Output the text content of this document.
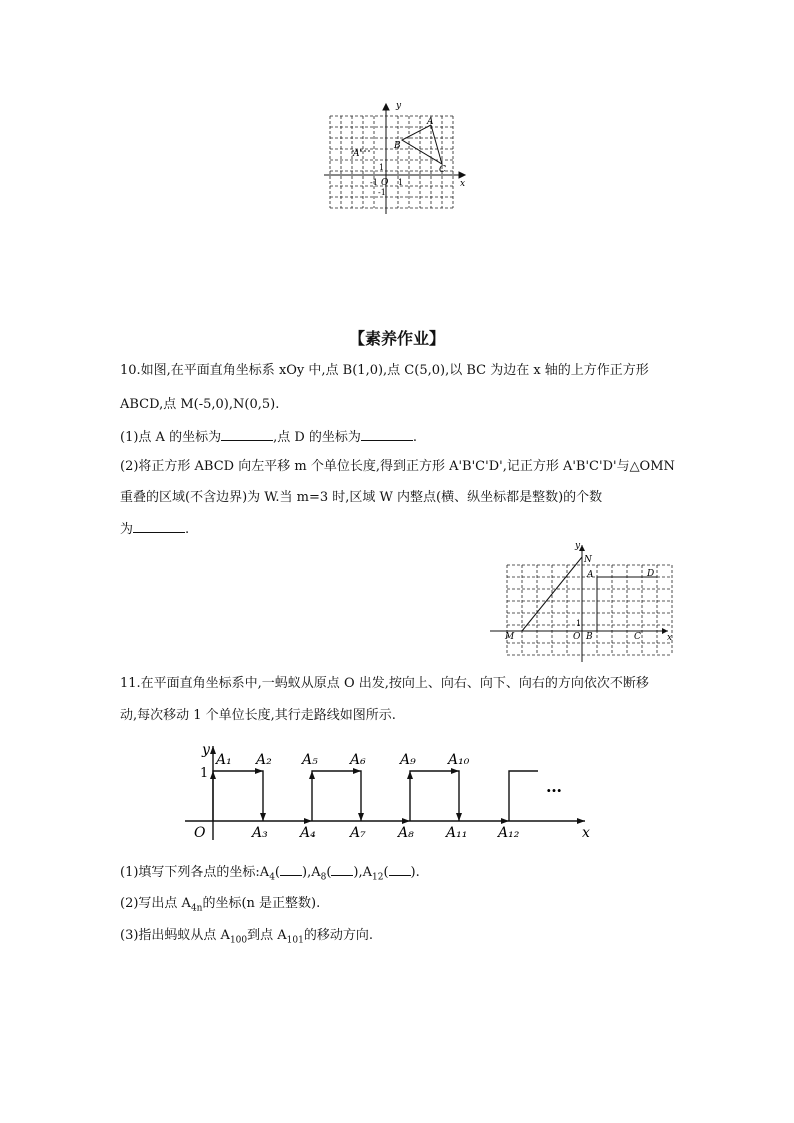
y
x
A
B
C
A'
O
1
1
-1
-1
【素养作业】
10.如图,在平面直角坐标系 xOy 中,点 B(1,0),点 C(5,0),以 BC 为边在 x 轴的上方作正方形
ABCD,点 M(-5,0),N(0,5).
(1)点 A 的坐标为	,点 D 的坐标为	.
(2)将正方形 ABCD 向左平移 m 个单位长度,得到正方形 A'B'C'D',记正方形 A'B'C'D'与△OMN
重叠的区域(不含边界)为 W.当 m=3 时,区域 W 内整点(横、纵坐标都是整数)的个数
为	.
y
x
N
A	D
M	O B	C
1
11.在平面直角坐标系中,一蚂蚁从原点 O 出发,按向上、向右、向下、向右的方向依次不断移
动,每次移动 1 个单位长度,其行走路线如图所示.
y
x
O
A₁ A₂
A₃ A₄
A₅ A₆
A₇ A₈
A₉ A₁₀
A₁₁ A₁₂
1
…
(1)填写下列各点的坐标$:A_4$( )$,A_8$( )$,A_{12}$( ).
(2)写出点 $A_{4n}$的坐标(n 是正整数).
(3)指出蚂蚁从点 $A_{100}$到点 $A_{101}$的移动方向.
